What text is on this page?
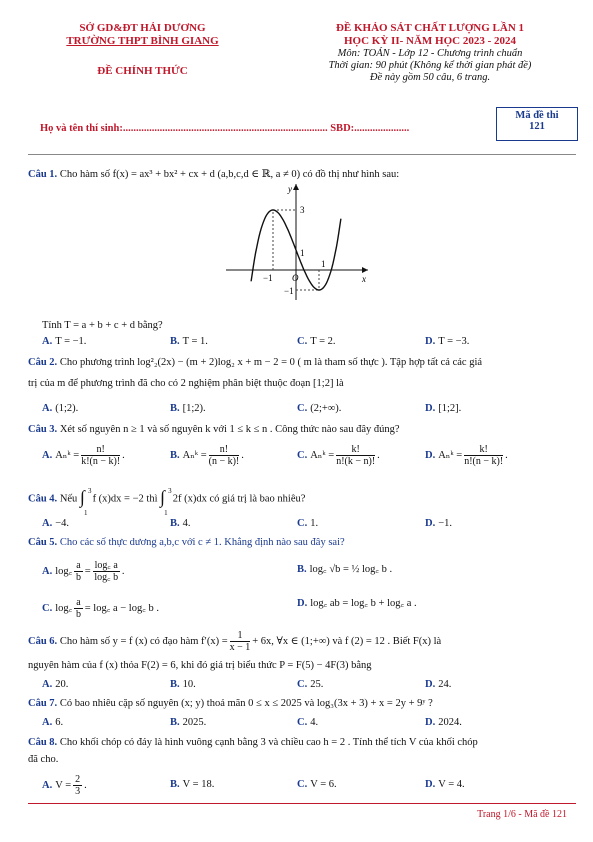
SỞ GD&ĐT HẢI DƯƠNG
TRƯỜNG THPT BÌNH GIANG
ĐỀ CHÍNH THỨC
ĐỀ KHẢO SÁT CHẤT LƯỢNG LẦN 1
HỌC KỲ II- NĂM HỌC 2023 - 2024
Môn: TOÁN - Lớp 12 - Chương trình chuẩn
Thời gian: 90 phút (Không kể thời gian phát đề)
Đề này gồm 50 câu, 6 trang.
Mã đề thi
121
Họ và tên thí sinh:.............................................................................. SBD:.....................
Câu 1. Cho hàm số f(x) = ax³ + bx² + cx + d (a,b,c,d ∈ ℝ, a ≠ 0) có đồ thị như hình sau:
y
x
3
1
O
−1
−1
1
Tính T = a + b + c + d bằng?
A. T = −1.	B. T = 1.	C. T = 2.	D. T = −3.
Câu 2. Cho phương trình log²₂(2x) − (m + 2)log₂ x + m − 2 = 0 ( m là tham số thực ). Tập hợp tất cả các giá
trị của m để phương trình đã cho có 2 nghiệm phân biệt thuộc đoạn [1;2] là
A. (1;2).	B. [1;2).	C. (2;+∞).	D. [1;2].
Câu 3. Xét số nguyên n ≥ 1 và số nguyên k với 1 ≤ k ≤ n . Công thức nào sau đây đúng?
A. Aₙᵏ = $\frac{n!}{k!(n - k)!}$ .	B. Aₙᵏ = $\frac{n!}{(n - k)!}$ .	C. Aₙᵏ = $\frac{k!}{n!(k - n)!}$ .	D. Aₙᵏ = $\frac{k!}{n!(n - k)!}$ .
Câu 4. Nếu ∫ 3
1
f (x)dx = −2 thì ∫ 3
1
2f (x)dx có giá trị là bao nhiêu?
A. −4.	B. 4.	C. 1.	D. −1.
Câu 5. Cho các số thực dương a,b,c với c ≠ 1. Khẳng định nào sau đây sai?
A. log꜀ $\frac{a}{b} = \frac{\log꜀ a}{\log꜀ b}$ .	B. log꜀ √b = ½ log꜀ b .
C. log꜀ $\frac{a}{b}$ = log꜀ a − log꜀ b .	D. log꜀ ab = log꜀ b + log꜀ a .
Câu 6. Cho hàm số y = f (x) có đạo hàm $f'(x) = \frac{1}{x - 1} + 6x$, ∀x ∈ (1;+∞) và f (2) = 12 . Biết F(x) là
nguyên hàm của f (x) thỏa F(2) = 6, khi đó giá trị biểu thức P = F(5) − 4F(3) bằng
A. 20.	B. 10.	C. 25.	D. 24.
Câu 7. Có bao nhiêu cặp số nguyên (x; y) thoả mãn 0 ≤ x ≤ 2025 và log₃(3x + 3) + x = 2y + 9ʸ ?
A. 6.	B. 2025.	C. 4.	D. 2024.
Câu 8. Cho khối chóp có đáy là hình vuông cạnh bằng 3 và chiều cao h = 2 . Tính thể tích V của khối chóp
đã cho.
A. $V = \frac{2}{3}$ .	B. V = 18.	C. V = 6.	D. V = 4.
Trang 1/6 - Mã đề 121
